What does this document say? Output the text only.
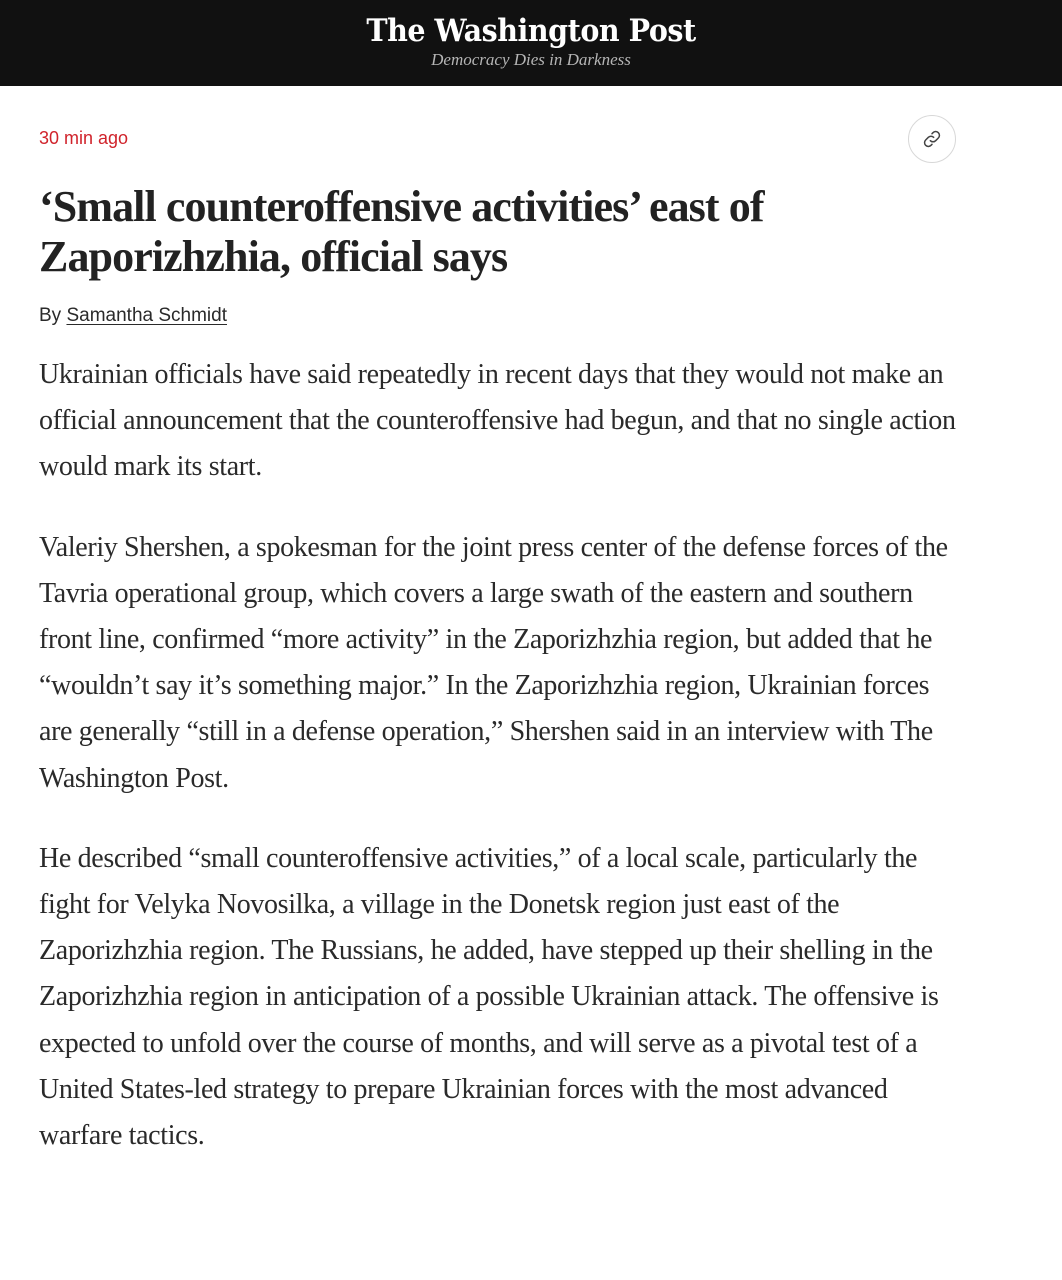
The Washington Post
Democracy Dies in Darkness
30 min ago
‘Small counteroffensive activities’ east of Zaporizhzhia, official says
By Samantha Schmidt

Ukrainian officials have said repeatedly in recent days that they would not make an official announcement that the counteroffensive had begun, and that no single action would mark its start.

Valeriy Shershen, a spokesman for the joint press center of the defense forces of the Tavria operational group, which covers a large swath of the eastern and southern front line, confirmed “more activity” in the Zaporizhzhia region, but added that he “wouldn’t say it’s something major.” In the Zaporizhzhia region, Ukrainian forces are generally “still in a defense operation,” Shershen said in an interview with The Washington Post.

He described “small counteroffensive activities,” of a local scale, particularly the fight for Velyka Novosilka, a village in the Donetsk region just east of the Zaporizhzhia region. The Russians, he added, have stepped up their shelling in the Zaporizhzhia region in anticipation of a possible Ukrainian attack. The offensive is expected to unfold over the course of months, and will serve as a pivotal test of a United States-led strategy to prepare Ukrainian forces with the most advanced warfare tactics.
